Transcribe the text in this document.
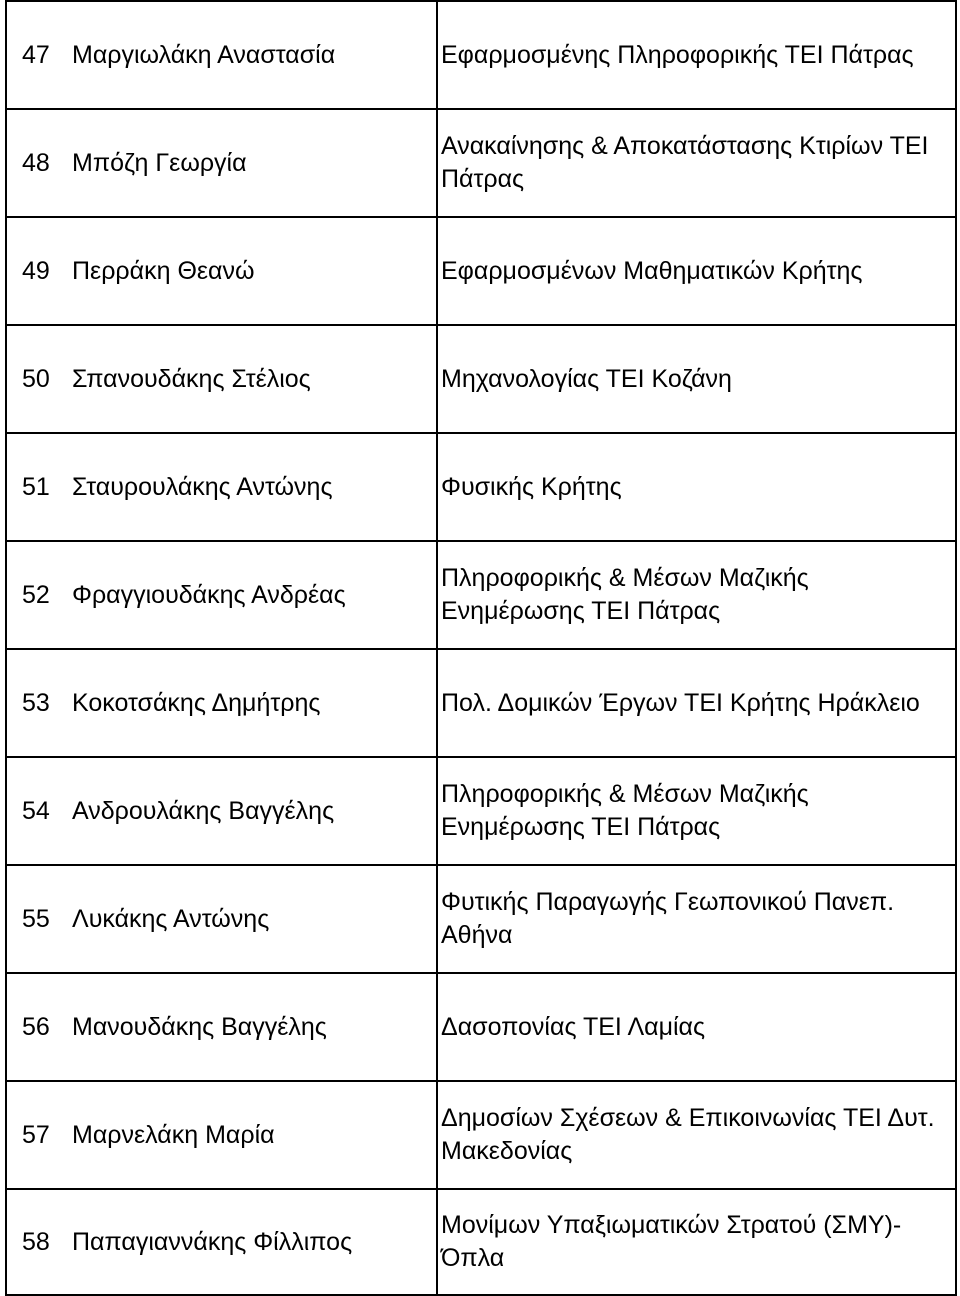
47 Μαργιωλάκη Αναστασία	Εφαρμοσμένης Πληροφορικής ΤΕΙ Πάτρας
48 Μπόζη Γεωργία	Ανακαίνησης & Αποκατάστασης Κτιρίων ΤΕΙ Πάτρας
49 Περράκη Θεανώ	Εφαρμοσμένων Μαθηματικών Κρήτης
50 Σπανουδάκης Στέλιος	Μηχανολογίας ΤΕΙ Κοζάνη
51 Σταυρουλάκης Αντώνης	Φυσικής Κρήτης
52 Φραγγιουδάκης Ανδρέας	Πληροφορικής & Μέσων Μαζικής Ενημέρωσης ΤΕΙ Πάτρας
53 Κοκοτσάκης Δημήτρης	Πολ. Δομικών Έργων ΤΕΙ Κρήτης Ηράκλειο
54 Ανδρουλάκης Βαγγέλης	Πληροφορικής & Μέσων Μαζικής Ενημέρωσης ΤΕΙ Πάτρας
55 Λυκάκης Αντώνης	Φυτικής Παραγωγής Γεωπονικού Πανεπ. Αθήνα
56 Μανουδάκης Βαγγέλης	Δασοπονίας ΤΕΙ Λαμίας
57 Μαρνελάκη Μαρία	Δημοσίων Σχέσεων & Επικοινωνίας ΤΕΙ Δυτ. Μακεδονίας
58 Παπαγιαννάκης Φίλλιπος	Μονίμων Υπαξιωματικών Στρατού (ΣΜΥ)-Όπλα
